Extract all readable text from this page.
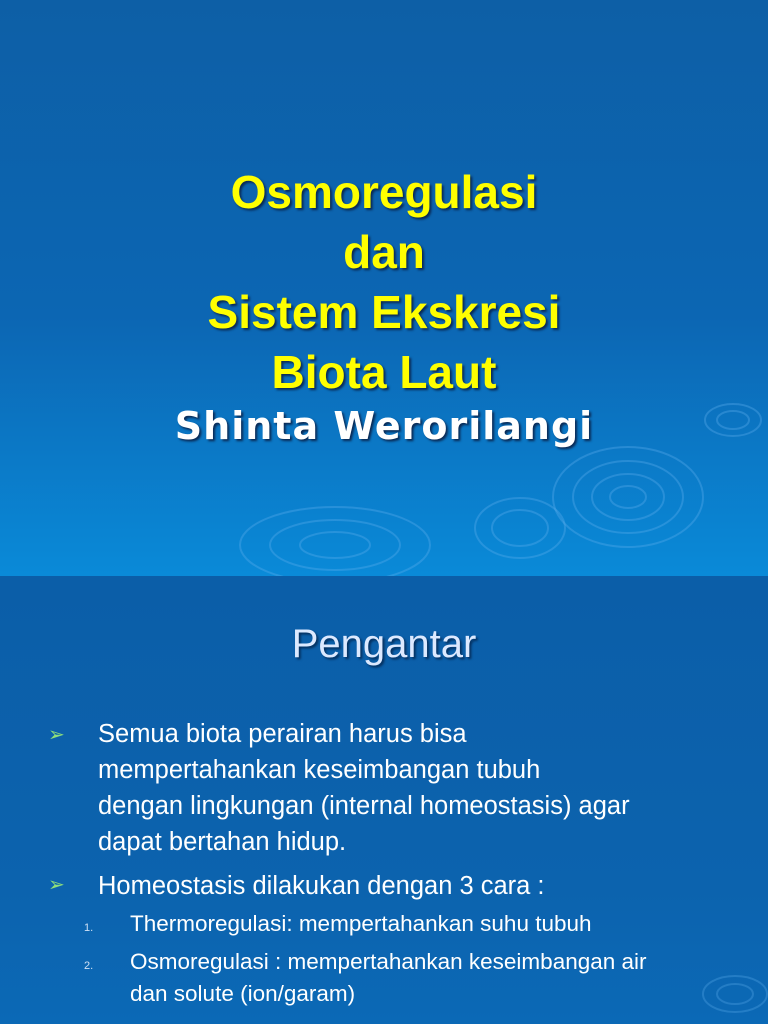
Osmoregulasi
dan
Sistem Ekskresi
Biota Laut
Shinta Werorilangi
Pengantar
➢ Semua biota perairan harus bisa
mempertahankan keseimbangan tubuh
dengan lingkungan (internal homeostasis) agar
dapat bertahan hidup.
➢ Homeostasis dilakukan dengan 3 cara :
1. Thermoregulasi: mempertahankan suhu tubuh
2. Osmoregulasi : mempertahankan keseimbangan air
dan solute (ion/garam)
